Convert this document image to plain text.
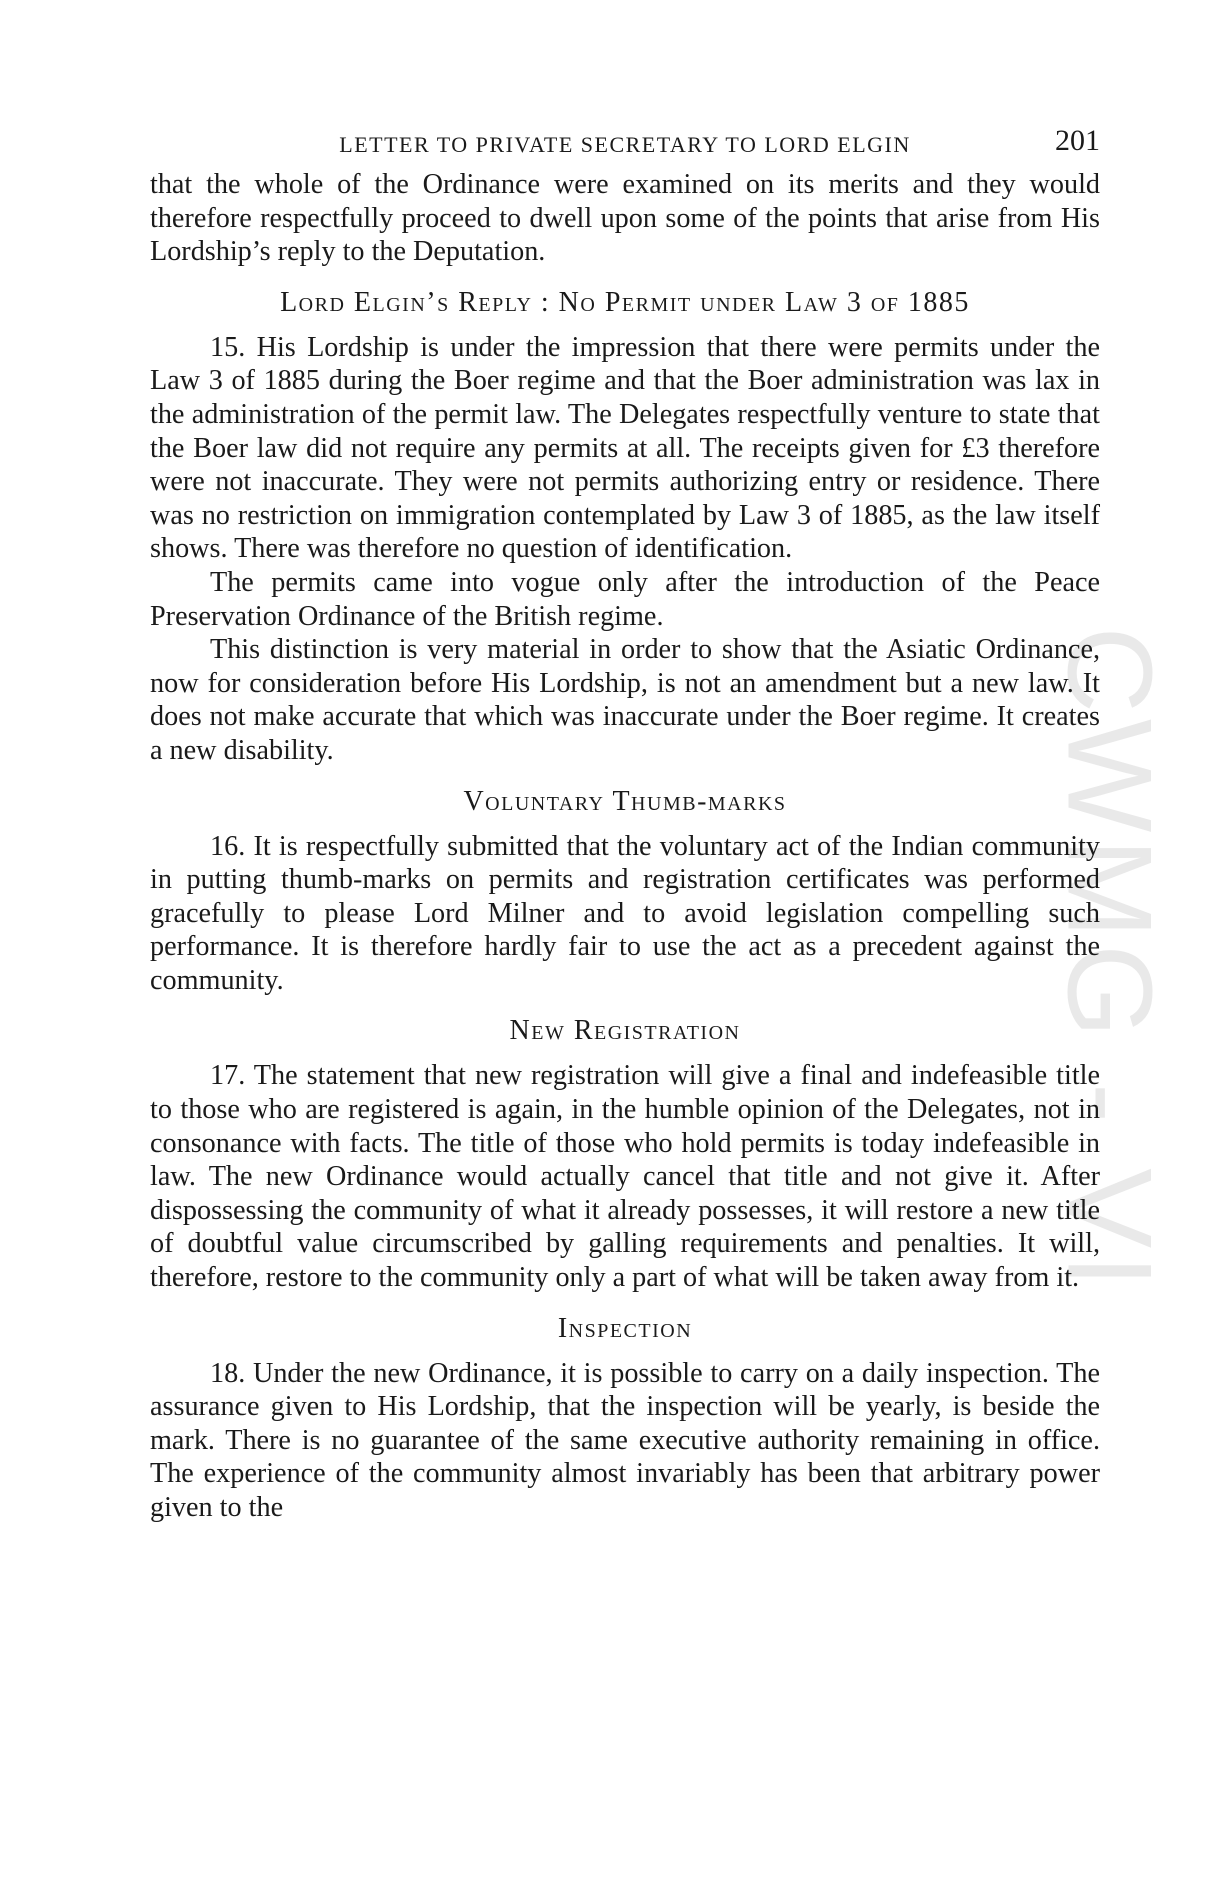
CWMG - VI
LETTER TO PRIVATE SECRETARY TO LORD ELGIN	201

that the whole of the Ordinance were examined on its merits and they would therefore respectfully proceed to dwell upon some of the points that arise from His Lordship’s reply to the Deputation.

Lord Elgin’s Reply : No Permit under Law 3 of 1885

15. His Lordship is under the impression that there were permits under the Law 3 of 1885 during the Boer regime and that the Boer administration was lax in the administration of the permit law. The Delegates respectfully venture to state that the Boer law did not require any permits at all. The receipts given for £3 therefore were not inaccurate. They were not permits authorizing entry or residence. There was no restriction on immigration contemplated by Law 3 of 1885, as the law itself shows. There was therefore no question of identification.

The permits came into vogue only after the introduction of the Peace Preservation Ordinance of the British regime.

This distinction is very material in order to show that the Asiatic Ordinance, now for consideration before His Lordship, is not an amendment but a new law. It does not make accurate that which was inaccurate under the Boer regime. It creates a new disability.

Voluntary Thumb-marks

16. It is respectfully submitted that the voluntary act of the Indian community in putting thumb-marks on permits and registration certificates was performed gracefully to please Lord Milner and to avoid legislation compelling such performance. It is therefore hardly fair to use the act as a precedent against the community.

New Registration

17. The statement that new registration will give a final and indefeasible title to those who are registered is again, in the humble opinion of the Delegates, not in consonance with facts. The title of those who hold permits is today indefeasible in law. The new Ordinance would actually cancel that title and not give it. After dispossessing the community of what it already possesses, it will restore a new title of doubtful value circumscribed by galling requirements and penalties. It will, therefore, restore to the community only a part of what will be taken away from it.

Inspection

18. Under the new Ordinance, it is possible to carry on a daily inspection. The assurance given to His Lordship, that the inspection will be yearly, is beside the mark. There is no guarantee of the same executive authority remaining in office. The experience of the community almost invariably has been that arbitrary power given to the
